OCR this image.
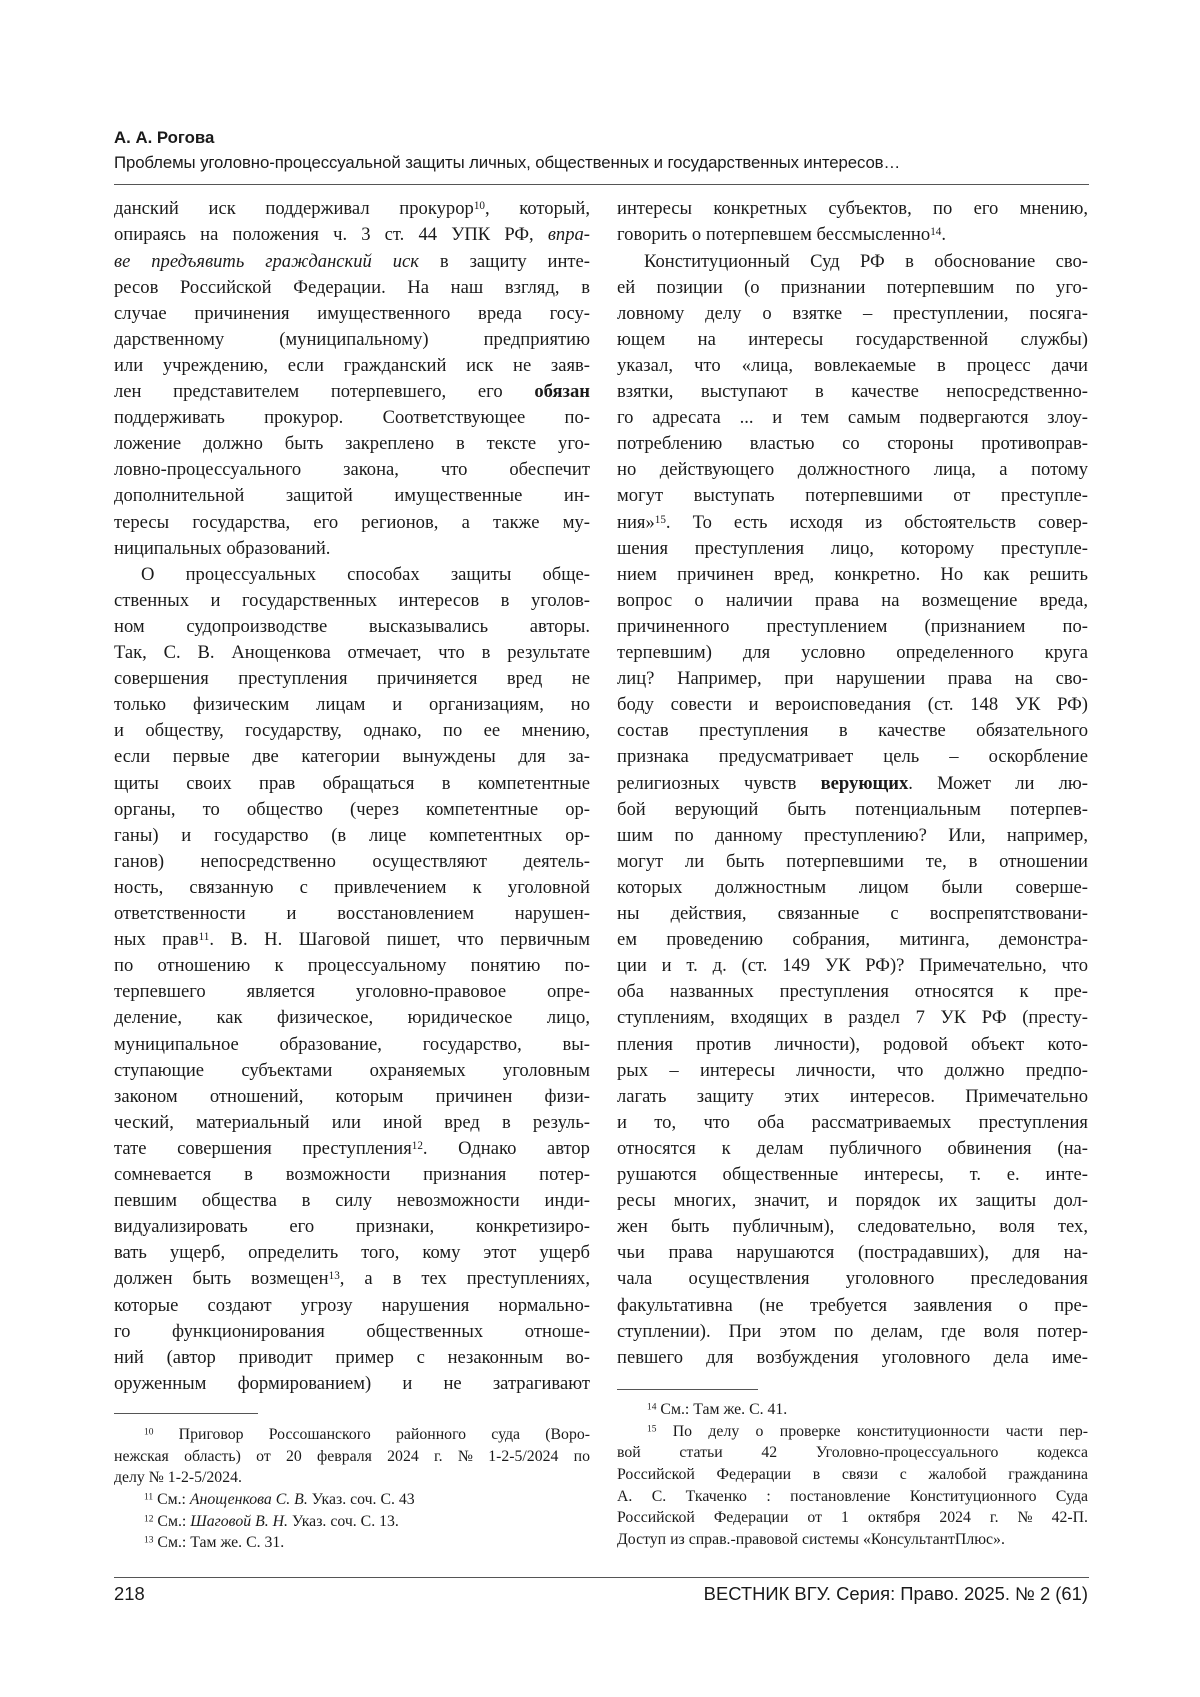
А. А. Рогова
Проблемы уголовно-процессуальной защиты личных, общественных и государственных интересов…
данский иск поддерживал прокурор10, который,
опираясь на положения ч. 3 ст. 44 УПК РФ, впра-
ве предъявить гражданский иск в защиту инте-
ресов Российской Федерации. На наш взгляд, в
случае причинения имущественного вреда госу-
дарственному (муниципальному) предприятию
или учреждению, если гражданский иск не заяв-
лен представителем потерпевшего, его обязан
поддерживать прокурор. Соответствующее по-
ложение должно быть закреплено в тексте уго-
ловно-процессуального закона, что обеспечит
дополнительной защитой имущественные ин-
тересы государства, его регионов, а также му-
ниципальных образований.
О процессуальных способах защиты обще-
ственных и государственных интересов в уголов-
ном судопроизводстве высказывались авторы.
Так, С. В. Анощенкова отмечает, что в результате
совершения преступления причиняется вред не
только физическим лицам и организациям, но
и обществу, государству, однако, по ее мнению,
если первые две категории вынуждены для за-
щиты своих прав обращаться в компетентные
органы, то общество (через компетентные ор-
ганы) и государство (в лице компетентных ор-
ганов) непосредственно осуществляют деятель-
ность, связанную с привлечением к уголовной
ответственности и восстановлением нарушен-
ных прав11. В. Н. Шаговой пишет, что первичным
по отношению к процессуальному понятию по-
терпевшего является уголовно-правовое опре-
деление, как физическое, юридическое лицо,
муниципальное образование, государство, вы-
ступающие субъектами охраняемых уголовным
законом отношений, которым причинен физи-
ческий, материальный или иной вред в резуль-
тате совершения преступления12. Однако автор
сомневается в возможности признания потер-
певшим общества в силу невозможности инди-
видуализировать его признаки, конкретизиро-
вать ущерб, определить того, кому этот ущерб
должен быть возмещен13, а в тех преступлениях,
которые создают угрозу нарушения нормально-
го функционирования общественных отноше-
ний (автор приводит пример с незаконным во-
оруженным формированием) и не затрагивают
интересы конкретных субъектов, по его мнению,
говорить о потерпевшем бессмысленно14.
Конституционный Суд РФ в обоснование сво-
ей позиции (о признании потерпевшим по уго-
ловному делу о взятке – преступлении, посяга-
ющем на интересы государственной службы)
указал, что «лица, вовлекаемые в процесс дачи
взятки, выступают в качестве непосредственно-
го адресата ... и тем самым подвергаются злоу-
потреблению властью со стороны противоправ-
но действующего должностного лица, а потому
могут выступать потерпевшими от преступле-
ния»15. То есть исходя из обстоятельств совер-
шения преступления лицо, которому преступле-
нием причинен вред, конкретно. Но как решить
вопрос о наличии права на возмещение вреда,
причиненного преступлением (признанием по-
терпевшим) для условно определенного круга
лиц? Например, при нарушении права на сво-
боду совести и вероисповедания (ст. 148 УК РФ)
состав преступления в качестве обязательного
признака предусматривает цель – оскорбление
религиозных чувств верующих. Может ли лю-
бой верующий быть потенциальным потерпев-
шим по данному преступлению? Или, например,
могут ли быть потерпевшими те, в отношении
которых должностным лицом были соверше-
ны действия, связанные с воспрепятствовани-
ем проведению собрания, митинга, демонстра-
ции и т. д. (ст. 149 УК РФ)? Примечательно, что
оба названных преступления относятся к пре-
ступлениям, входящих в раздел 7 УК РФ (престу-
пления против личности), родовой объект кото-
рых – интересы личности, что должно предпо-
лагать защиту этих интересов. Примечательно
и то, что оба рассматриваемых преступления
относятся к делам публичного обвинения (на-
рушаются общественные интересы, т. е. инте-
ресы многих, значит, и порядок их защиты дол-
жен быть публичным), следовательно, воля тех,
чьи права нарушаются (пострадавших), для на-
чала осуществления уголовного преследования
факультативна (не требуется заявления о пре-
ступлении). При этом по делам, где воля потер-
певшего для возбуждения уголовного дела име-
10 Приговор Россошанского районного суда (Воро-
нежская область) от 20 февраля 2024 г. № 1-2-5/2024 по
делу № 1-2-5/2024.
11 См.: Анощенкова С. В. Указ. соч. С. 43
12 См.: Шаговой В. Н. Указ. соч. С. 13.
13 См.: Там же. С. 31.
14 См.: Там же. С. 41.
15 По делу о проверке конституционности части пер-
вой статьи 42 Уголовно-процессуального кодекса
Российской Федерации в связи с жалобой гражданина
А. С. Ткаченко : постановление Конституционного Суда
Российской Федерации от 1 октября 2024 г. № 42-П.
Доступ из справ.-правовой системы «КонсультантПлюс».
218	ВЕСТНИК ВГУ. Серия: Право. 2025. № 2 (61)
